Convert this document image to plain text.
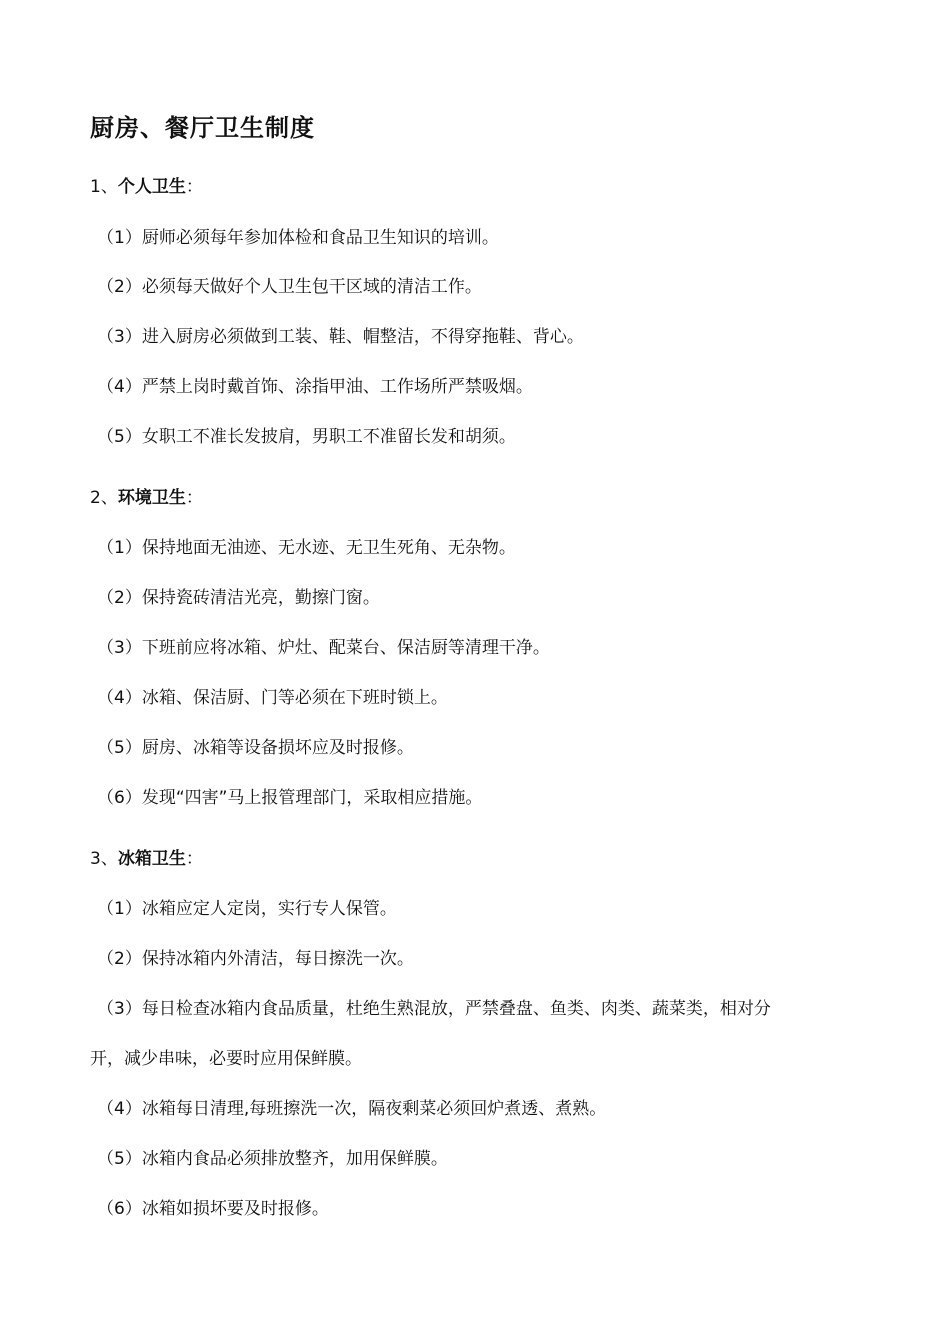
厨房、餐厅卫生制度
1、个人卫生：
（1）厨师必须每年参加体检和食品卫生知识的培训。
（2）必须每天做好个人卫生包干区域的清洁工作。
（3）进入厨房必须做到工装、鞋、帽整洁，不得穿拖鞋、背心。
（4）严禁上岗时戴首饰、涂指甲油、工作场所严禁吸烟。
（5）女职工不准长发披肩，男职工不准留长发和胡须。
2、环境卫生：
（1）保持地面无油迹、无水迹、无卫生死角、无杂物。
（2）保持瓷砖清洁光亮，勤擦门窗。
（3）下班前应将冰箱、炉灶、配菜台、保洁厨等清理干净。
（4）冰箱、保洁厨、门等必须在下班时锁上。
（5）厨房、冰箱等设备损坏应及时报修。
（6）发现“四害”马上报管理部门，采取相应措施。
3、冰箱卫生：
（1）冰箱应定人定岗，实行专人保管。
（2）保持冰箱内外清洁，每日擦洗一次。
（3）每日检查冰箱内食品质量，杜绝生熟混放，严禁叠盘、鱼类、肉类、蔬菜类，相对分
开，减少串味，必要时应用保鲜膜。
（4）冰箱每日清理,每班擦洗一次，隔夜剩菜必须回炉煮透、煮熟。
（5）冰箱内食品必须排放整齐，加用保鲜膜。
（6）冰箱如损坏要及时报修。
